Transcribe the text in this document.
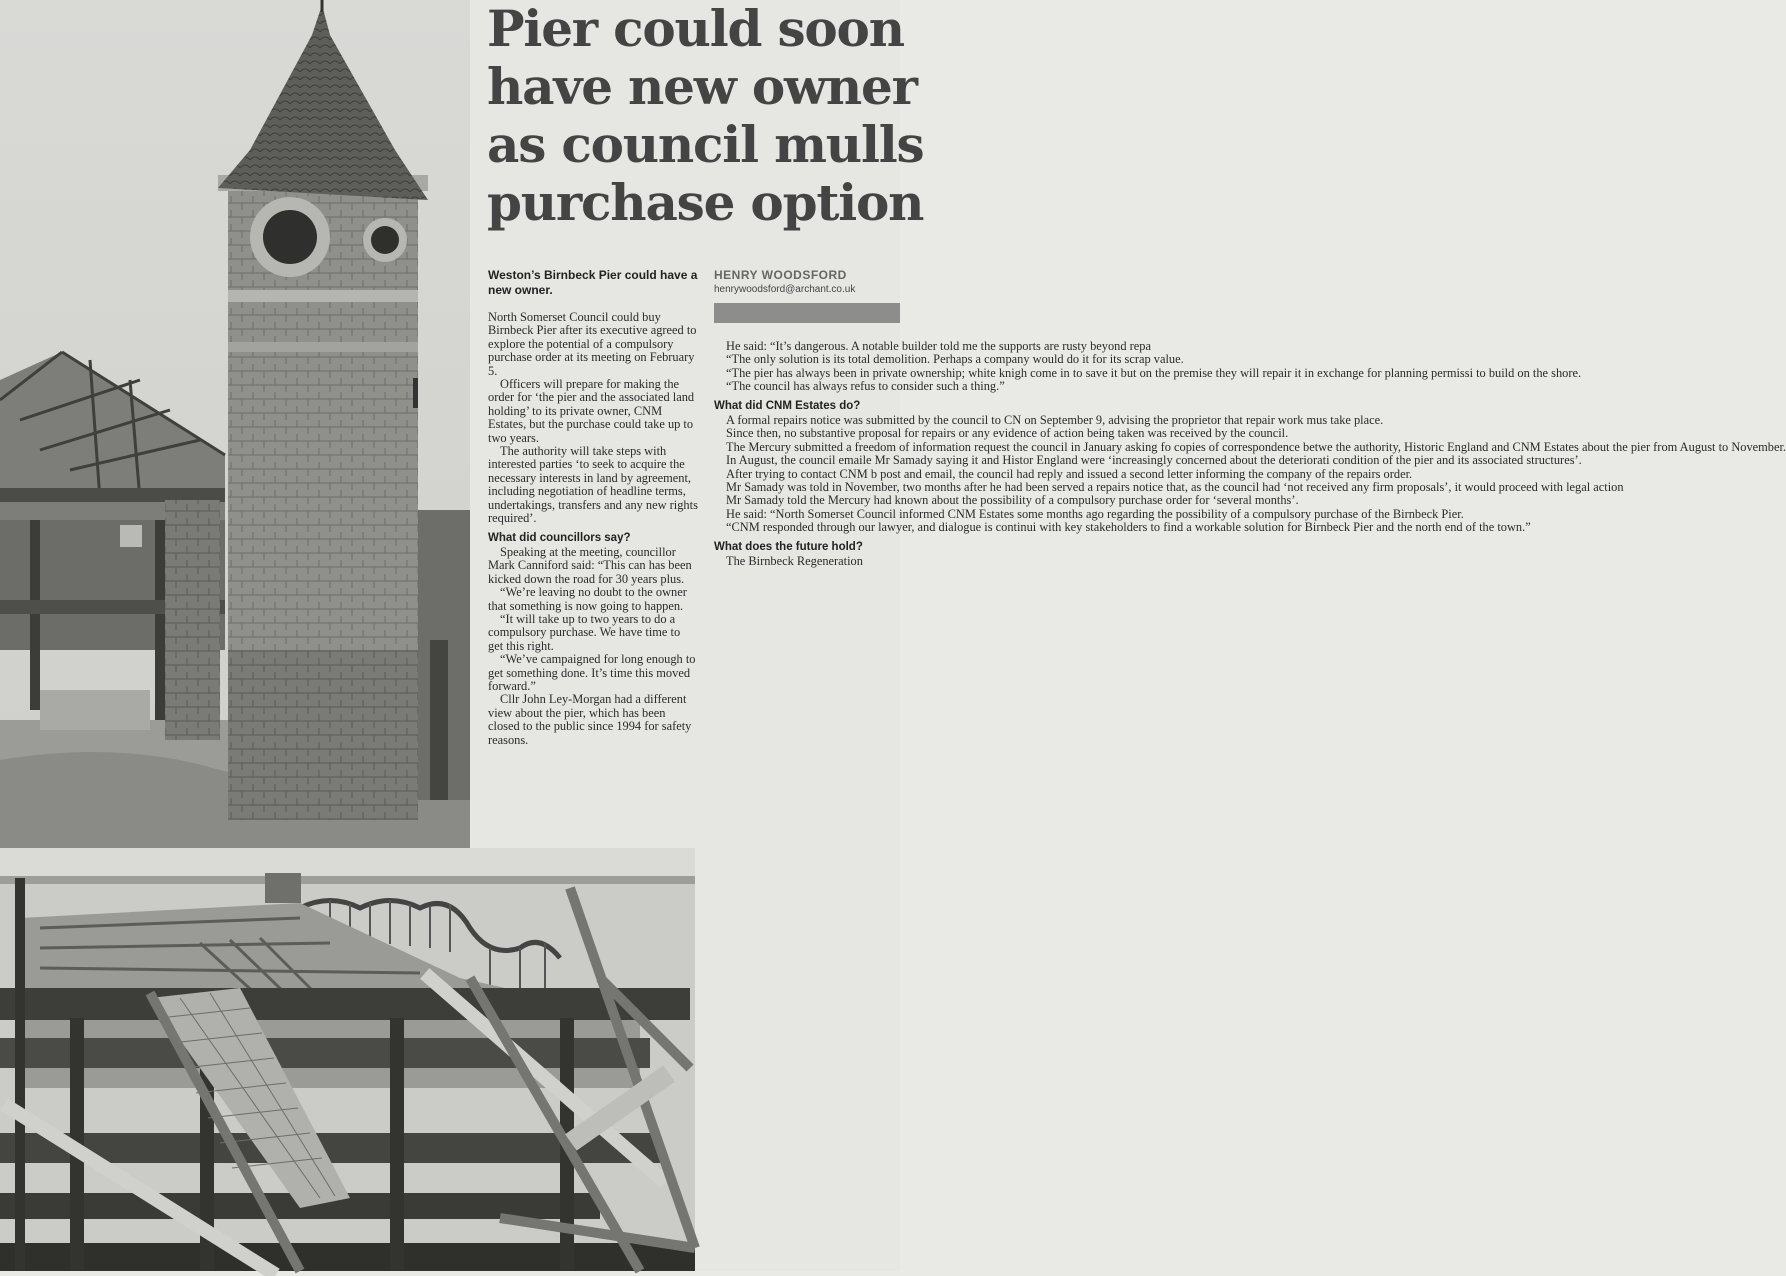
Pier could soon
have new owner
as council mulls
purchase option

Weston’s Birnbeck Pier could have a new owner.

HENRY WOODSFORD
henrywoodsford@archant.co.uk

North Somerset Council could buy Birnbeck Pier after its executive agreed to explore the potential of a compulsory purchase order at its meeting on February 5.

Officers will prepare for making the order for ‘the pier and the associated land holding’ to its private owner, CNM Estates, but the purchase could take up to two years.

The authority will take steps with interested parties ‘to seek to acquire the necessary interests in land by agreement, including negotiation of headline terms, undertakings, transfers and any new rights required’.

What did councillors say?

Speaking at the meeting, councillor Mark Canniford said: “This can has been kicked down the road for 30 years plus.

“We’re leaving no doubt to the owner that something is now going to happen.

“It will take up to two years to do a compulsory purchase. We have time to get this right.

“We’ve campaigned for long enough to get something done. It’s time this moved forward.”

Cllr John Ley-Morgan had a different view about the pier, which has been closed to the public since 1994 for safety reasons.

He said: “It’s dangerous. A notable builder told me the supports are rusty beyond repa

“The only solution is its total demolition. Perhaps a company would do it for its scrap value.

“The pier has always been in private ownership; white knigh come in to save it but on the premise they will repair it in exchange for planning permissi to build on the shore.

“The council has always refus to consider such a thing.”

What did CNM Estates do?

A formal repairs notice was submitted by the council to CN on September 9, advising the proprietor that repair work mus take place.

Since then, no substantive proposal for repairs or any evidence of action being taken was received by the council.

The Mercury submitted a freedom of information request the council in January asking fo copies of correspondence betwe the authority, Historic England and CNM Estates about the pier from August to November.

In August, the council emaile Mr Samady saying it and Histor England were ‘increasingly concerned about the deteriorati condition of the pier and its associated structures’.

After trying to contact CNM b post and email, the council had reply and issued a second letter informing the company of the repairs order.

Mr Samady was told in November, two months after he had been served a repairs notice that, as the council had ‘not received any firm proposals’, it would proceed with legal action

Mr Samady told the Mercury had known about the possibility of a compulsory purchase order for ‘several months’.

He said: “North Somerset Council informed CNM Estates some months ago regarding the possibility of a compulsory purchase of the Birnbeck Pier.

“CNM responded through our lawyer, and dialogue is continui with key stakeholders to find a workable solution for Birnbeck Pier and the north end of the town.”

What does the future hold?

The Birnbeck Regeneration
